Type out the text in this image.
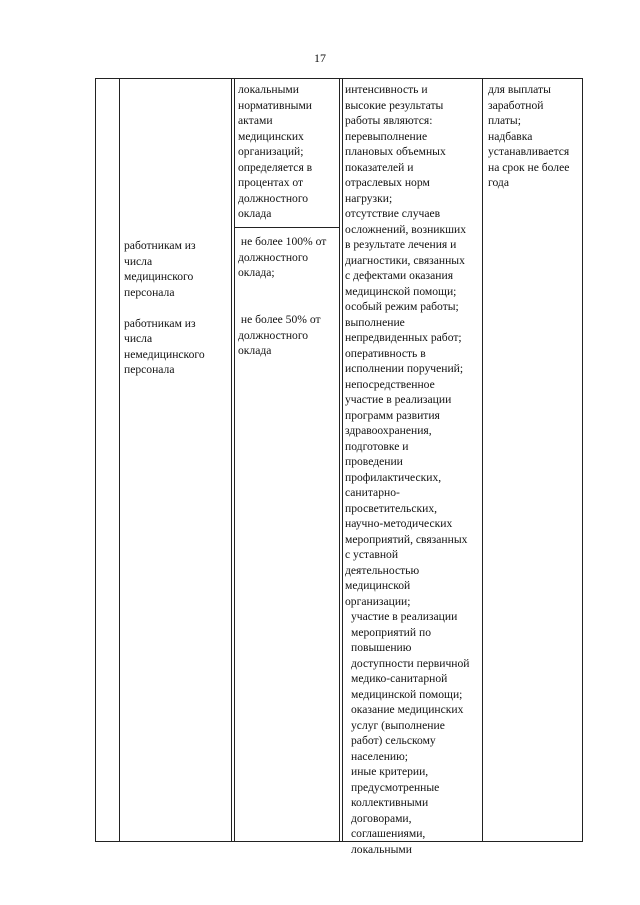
17
работникам из
числа
медицинского
персонала

работникам из
числа
немедицинского
персонала
локальными
нормативными
актами
медицинских
организаций;
определяется в
процентах от
должностного
оклада
не более 100% от
должностного
оклада;
не более 50% от
должностного
оклада
интенсивность и
высокие результаты
работы являются:
перевыполнение
плановых объемных
показателей и
отраслевых норм
нагрузки;
отсутствие случаев
осложнений, возникших
в результате лечения и
диагностики, связанных
с дефектами оказания
медицинской помощи;
особый режим работы;
выполнение
непредвиденных работ;
оперативность в
исполнении поручений;
непосредственное
участие в реализации
программ развития
здравоохранения,
подготовке и
проведении
профилактических,
санитарно-
просветительских,
научно-методических
мероприятий, связанных
с уставной
деятельностью
медицинской
организации;
участие в реализации
мероприятий по
повышению
доступности первичной
медико-санитарной
медицинской помощи;
оказание медицинских
услуг (выполнение
работ) сельскому
населению;
иные критерии,
предусмотренные
коллективными
договорами,
соглашениями,
локальными
для выплаты
заработной
платы;
надбавка
устанавливается
на срок не более
года
